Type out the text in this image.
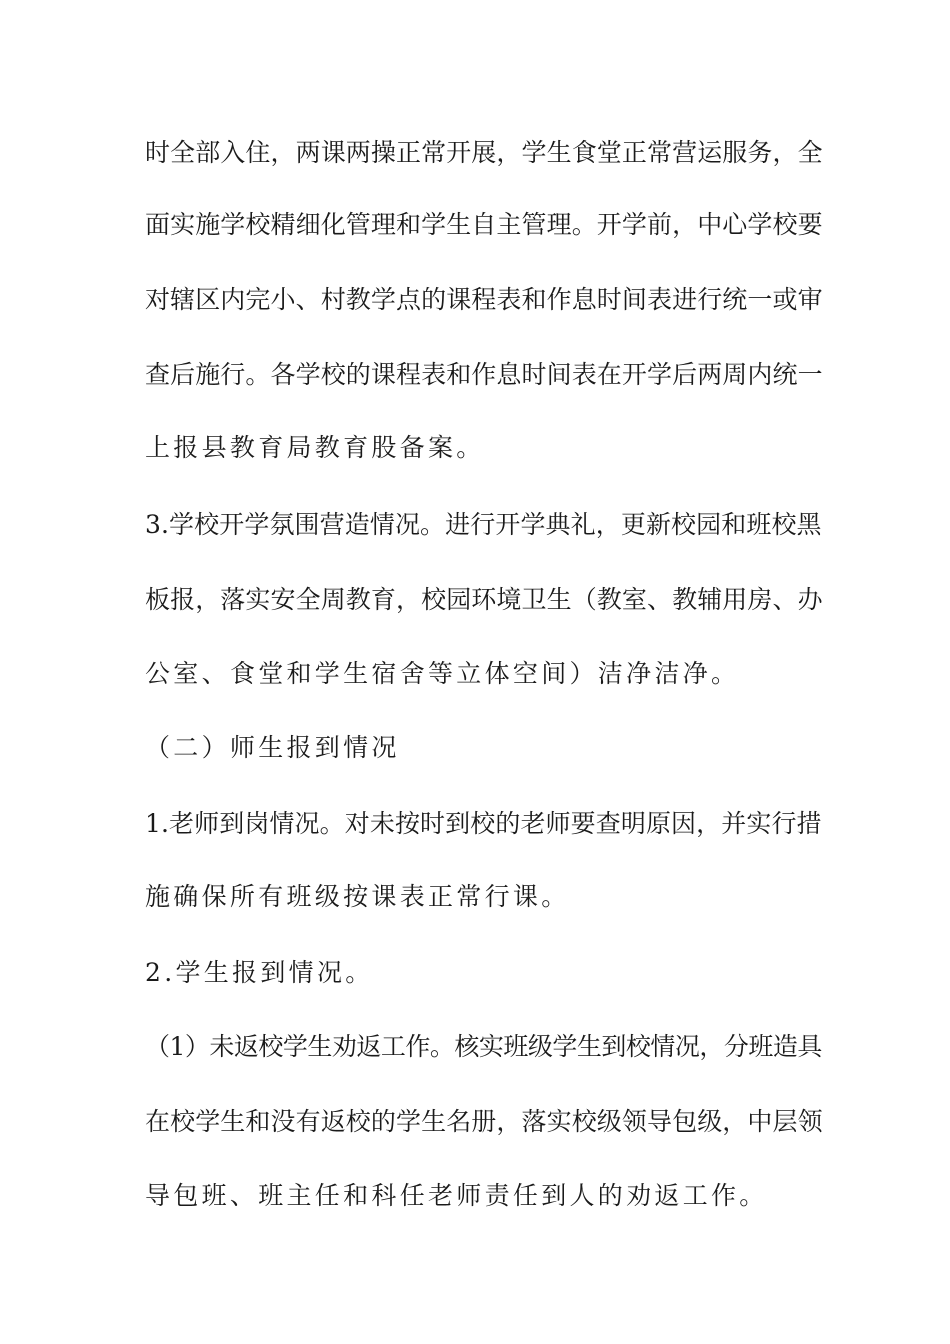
时全部入住，两课两操正常开展，学生食堂正常营运服务，全
面实施学校精细化管理和学生自主管理。开学前，中心学校要
对辖区内完小、村教学点的课程表和作息时间表进行统一或审
查后施行。各学校的课程表和作息时间表在开学后两周内统一
上报县教育局教育股备案。
3.学校开学氛围营造情况。进行开学典礼，更新校园和班校黑
板报，落实安全周教育，校园环境卫生（教室、教辅用房、办
公室、食堂和学生宿舍等立体空间）洁净洁净。
（二）师生报到情况
1.老师到岗情况。对未按时到校的老师要查明原因，并实行措
施确保所有班级按课表正常行课。
2.学生报到情况。
（1）未返校学生劝返工作。核实班级学生到校情况，分班造具
在校学生和没有返校的学生名册，落实校级领导包级，中层领
导包班、班主任和科任老师责任到人的劝返工作。
